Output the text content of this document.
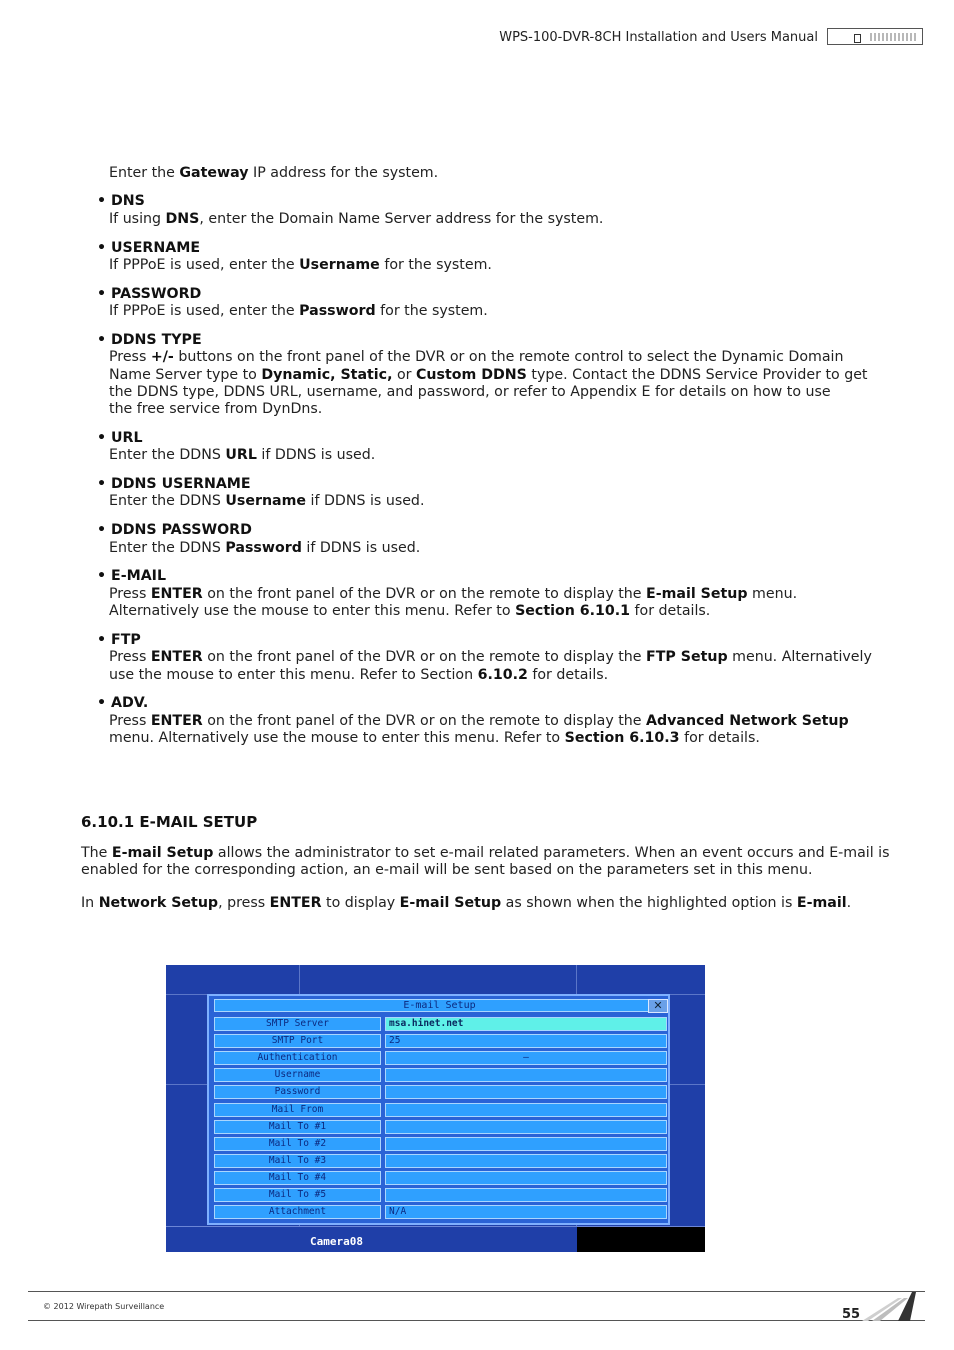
WPS-100-DVR-8CH Installation and Users Manual
Enter the Gateway IP address for the system.
• DNS
If using DNS, enter the Domain Name Server address for the system.
• USERNAME
If PPPoE is used, enter the Username for the system.
• PASSWORD
If PPPoE is used, enter the Password for the system.
• DDNS TYPE
Press +/- buttons on the front panel of the DVR or on the remote control to select the Dynamic Domain
Name Server type to Dynamic, Static, or Custom DDNS type. Contact the DDNS Service Provider to get
the DDNS type, DDNS URL, username, and password, or refer to Appendix E for details on how to use
the free service from DynDns.
• URL
Enter the DDNS URL if DDNS is used.
• DDNS USERNAME
Enter the DDNS Username if DDNS is used.
• DDNS PASSWORD
Enter the DDNS Password if DDNS is used.
• E-MAIL
Press ENTER on the front panel of the DVR or on the remote to display the E-mail Setup menu.
Alternatively use the mouse to enter this menu. Refer to Section 6.10.1 for details.
• FTP
Press ENTER on the front panel of the DVR or on the remote to display the FTP Setup menu. Alternatively
use the mouse to enter this menu. Refer to Section 6.10.2 for details.
• ADV.
Press ENTER on the front panel of the DVR or on the remote to display the Advanced Network Setup
menu. Alternatively use the mouse to enter this menu. Refer to Section 6.10.3 for details.
6.10.1 E-MAIL SETUP
The E-mail Setup allows the administrator to set e-mail related parameters. When an event occurs and E-mail is
enabled for the corresponding action, an e-mail will be sent based on the parameters set in this menu.
In Network Setup, press ENTER to display E-mail Setup as shown when the highlighted option is E-mail.
E-mail Setup	✕
SMTP Server	msa.hinet.net
SMTP Port	25
Authentication	—
Username
Password
Mail From
Mail To #1
Mail To #2
Mail To #3
Mail To #4
Mail To #5
Attachment	N/A
Camera08
© 2012 Wirepath Surveillance
55
